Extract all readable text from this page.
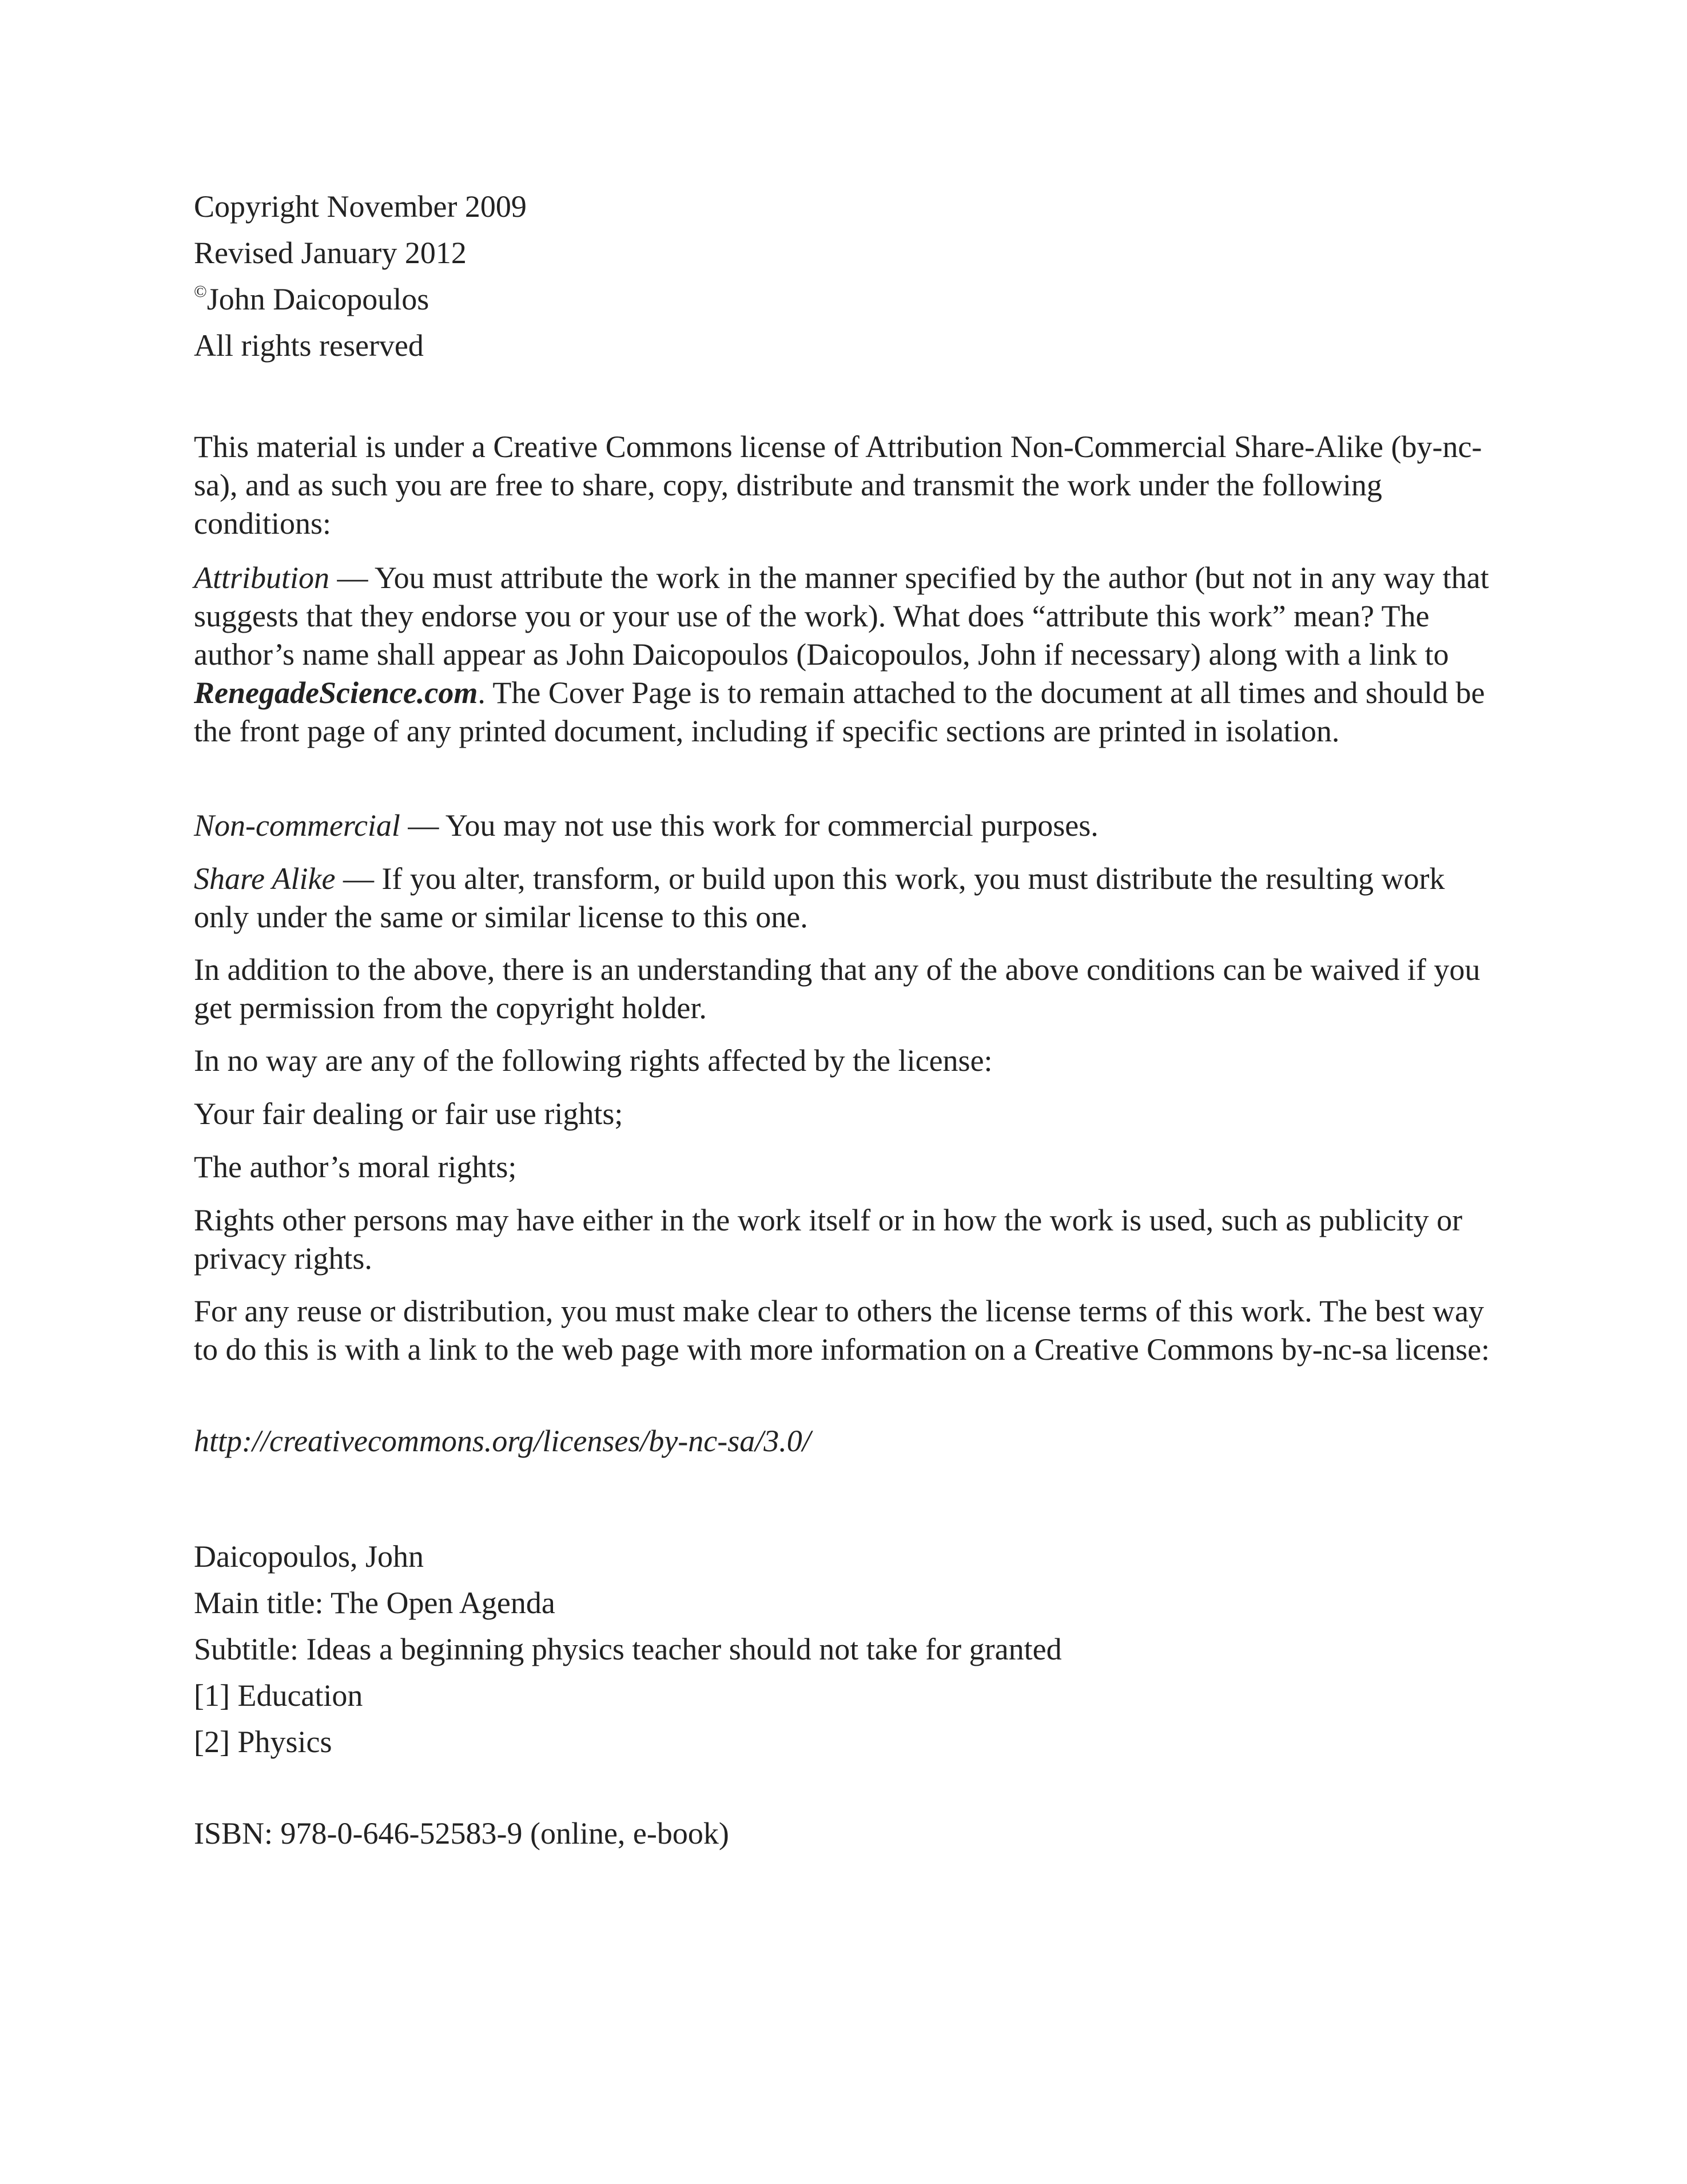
Copyright November 2009

Revised January 2012

©John Daicopoulos

All rights reserved

This material is under a Creative Commons license of Attribution Non-Commercial Share-Alike (by-nc-sa), and as such you are free to share, copy, distribute and transmit the work under the following conditions:

Attribution — You must attribute the work in the manner specified by the author (but not in any way that suggests that they endorse you or your use of the work). What does “attribute this work” mean? The author’s name shall appear as John Daicopoulos (Daicopoulos, John if necessary) along with a link to RenegadeScience.com. The Cover Page is to remain attached to the document at all times and should be the front page of any printed document, including if specific sections are printed in isolation.

Non-commercial — You may not use this work for commercial purposes.

Share Alike — If you alter, transform, or build upon this work, you must distribute the resulting work only under the same or similar license to this one.

In addition to the above, there is an understanding that any of the above conditions can be waived if you get permission from the copyright holder.

In no way are any of the following rights affected by the license:

Your fair dealing or fair use rights;

The author’s moral rights;

Rights other persons may have either in the work itself or in how the work is used, such as publicity or privacy rights.

For any reuse or distribution, you must make clear to others the license terms of this work. The best way to do this is with a link to the web page with more information on a Creative Commons by-nc-sa license:

http://creativecommons.org/licenses/by-nc-sa/3.0/

Daicopoulos, John

Main title: The Open Agenda

Subtitle: Ideas a beginning physics teacher should not take for granted

[1] Education

[2] Physics

ISBN: 978-0-646-52583-9 (online, e-book)
